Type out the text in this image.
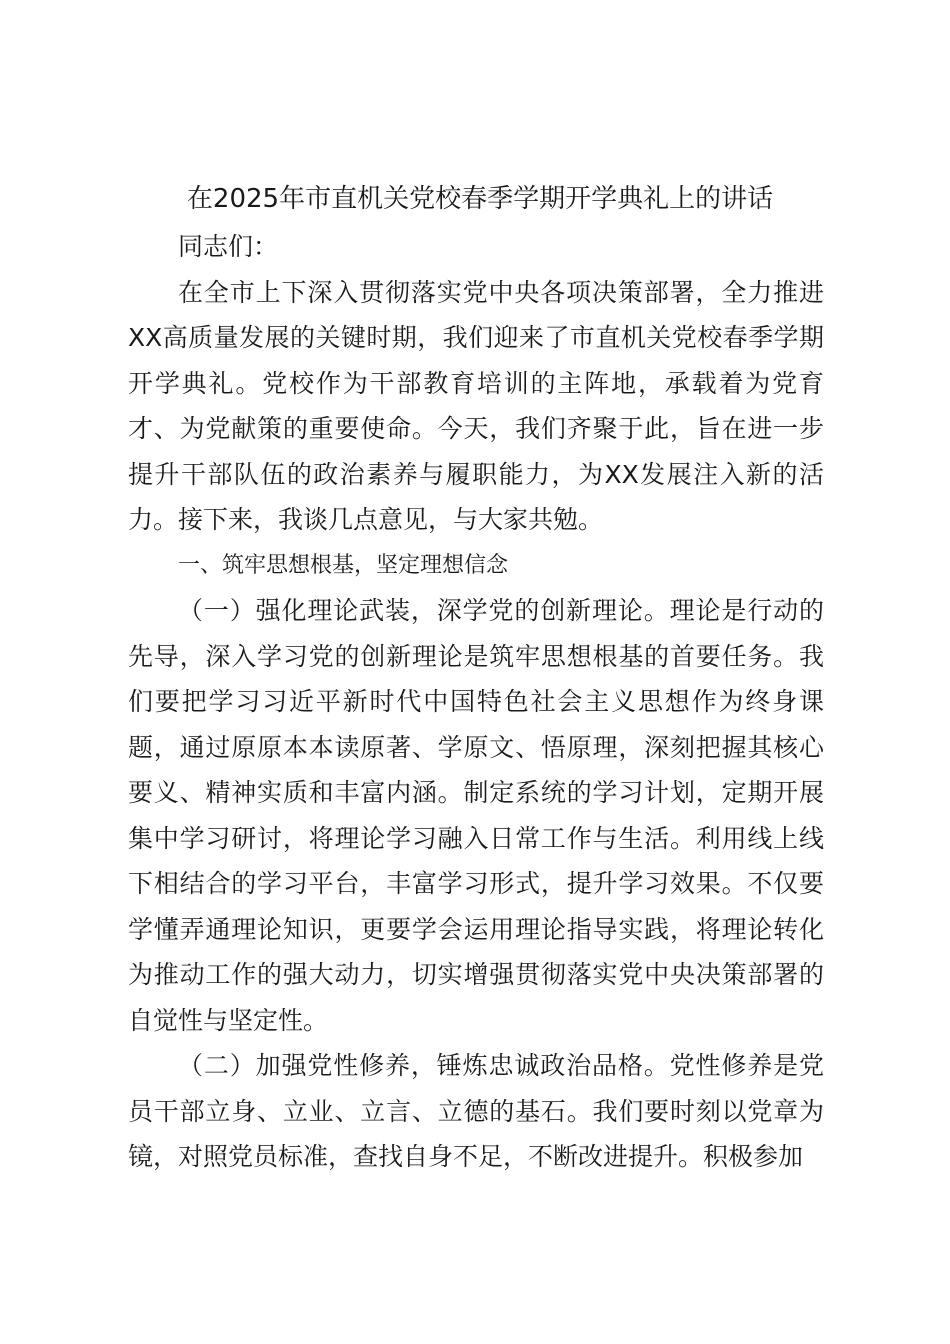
在2025年市直机关党校春季学期开学典礼上的讲话

同志们：

在全市上下深入贯彻落实党中央各项决策部署，全力推进XX高质量发展的关键时期，我们迎来了市直机关党校春季学期开学典礼。党校作为干部教育培训的主阵地，承载着为党育才、为党献策的重要使命。今天，我们齐聚于此，旨在进一步提升干部队伍的政治素养与履职能力，为XX发展注入新的活力。接下来，我谈几点意见，与大家共勉。

一、筑牢思想根基，坚定理想信念

（一）强化理论武装，深学党的创新理论。理论是行动的先导，深入学习党的创新理论是筑牢思想根基的首要任务。我们要把学习习近平新时代中国特色社会主义思想作为终身课题，通过原原本本读原著、学原文、悟原理，深刻把握其核心要义、精神实质和丰富内涵。制定系统的学习计划，定期开展集中学习研讨，将理论学习融入日常工作与生活。利用线上线下相结合的学习平台，丰富学习形式，提升学习效果。不仅要学懂弄通理论知识，更要学会运用理论指导实践，将理论转化为推动工作的强大动力，切实增强贯彻落实党中央决策部署的自觉性与坚定性。

（二）加强党性修养，锤炼忠诚政治品格。党性修养是党员干部立身、立业、立言、立德的基石。我们要时刻以党章为镜，对照党员标准，查找自身不足，不断改进提升。积极参加
